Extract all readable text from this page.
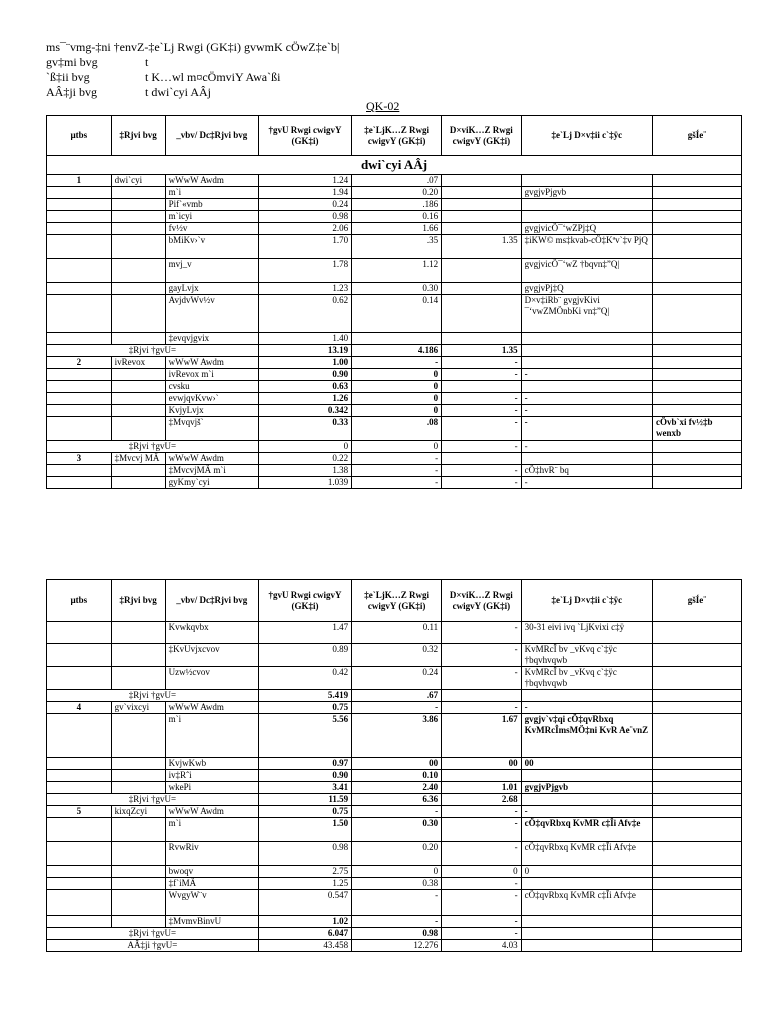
ms¯¨vmg-‡ni †envZ-‡e`Lj Rwgi (GK‡i) gvwmK cÖwZ‡e`b|
gv‡mi bvg	t
`ß‡ii bvg	t K…wl m¤cÖmviY Awa`ßi
AÂ‡ji bvg	t dwi`cyi AÂj
QK-02
µtbs	‡Rjvi bvg	_vbv/ Dc‡Rjvi bvg	†gvU Rwgi cwigvY (GK‡i)	‡e`LjK…Z Rwgi cwigvY (GK‡i)	D×viK…Z Rwgi cwigvY (GK‡i)	‡e`Lj D×v‡ii c`‡ÿc	gšÍe¨
dwi`cyi AÂj							
1	dwi`cyi	wWwW Awdm	1.24	.07			
		m`i	1.94	0.20		gvgjvPjgvb	
		Pif`«vmb	0.24	.186			
		m`icyi	0.98	0.16			
		fv½v	2.06	1.66		gvgjvicÖ¯‘wZPj‡Q	
		bMiKv›`v	1.70	.35	1.35	‡iKW© ms‡kvab-cÖ‡Kªv`‡v PjQ	
		mvj_v	1.78	1.12		gvgjvicÖ¯‘wZ †bqvn‡”Q|	
		gayLvjx	1.23	0.30		gvgjvPj‡Q	
		AvjdvWv½v	0.62	0.14		D×v‡iRb¨ gvgjvKivi ¯‘vwZMÖnbKi vn‡”Q|	
		‡evqvjgvix	1.40				
‡Rjvi †gvU=			13.19	4.186	1.35		
2	ivRevox	wWwW Awdm	1.00	-	-		
		ivRevox m`i	0.90	0	-	-	
		cvsku	0.63	0			
		evwjqvKvw›`	1.26	0	-	-	
		KvjyLvjx	0.342	0	-	-	
		‡Mvqvjš`	0.33	.08	-	-	cÖvb`xi fv½‡b wenxb
‡Rjvi †gvU=			0	0	-	-	
3	‡Mvcvj MÄ	wWwW Awdm	0.22	-			
		‡MvcvjMÄ m`i	1.38	-	-	cÖ‡hvR¨ bq	
		gyKmy`cyi	1.039	-	-	-	
µtbs	‡Rjvi bvg	_vbv/ Dc‡Rjvi bvg	†gvU Rwgi cwigvY (GK‡i)	‡e`LjK…Z Rwgi cwigvY (GK‡i)	D×viK…Z Rwgi cwigvY (GK‡i)	‡e`Lj D×v‡ii c`‡ÿc	gšÍe¨
		Kvwkqvbx	1.47	0.11	-	30-31 eivi ivq `LjKvixi c‡ÿ	
		‡KvUvjxcvov	0.89	0.32	-	KvMRcÎ bv _vKvq c`‡ÿc †bqvhvqwb	
		Uzw½cvov	0.42	0.24	-	KvMRcÎ bv _vKvq c`‡ÿc †bqvhvqwb	
‡Rjvi †gvU=			5.419	.67			
4	gv`vixcyi	wWwW Awdm	0.75	-	-	-	
		m`i	5.56	3.86	1.67	gvgjv`v‡qi cÖ‡qvRbxq KvMRcÎmsMÖ‡ni KvR Ae¨vnZ	
		KvjwKwb	0.97	00	00	00	
		iv‡Rˆi	0.90	0.10			
		wkePi	3.41	2.40	1.01	gvgjvPjgvb	
‡Rjvi †gvU=			11.59	6.36	2.68		
5	kixqZcyi	wWwW Awdm	0.75	-	-	-	
		m`i	1.50	0.30	-	cÖ‡qvRbxq KvMR c‡Îi Afv‡e	
		RvwRiv	0.98	0.20	-	cÖ‡qvRbxq KvMR c‡Îi Afv‡e	
		bwoqv	2.75	0	0	0	
		‡f`iMÄ	1.25	0.38	-		
		WvgyW¨v	0.547	-	-	cÖ‡qvRbxq KvMR c‡Îi Afv‡e	
		‡MvmvBinvU	1.02	-	-		
‡Rjvi †gvU=			6.047	0.98	-		
AÂ‡ji †gvU=			43.458	12.276	4.03		
